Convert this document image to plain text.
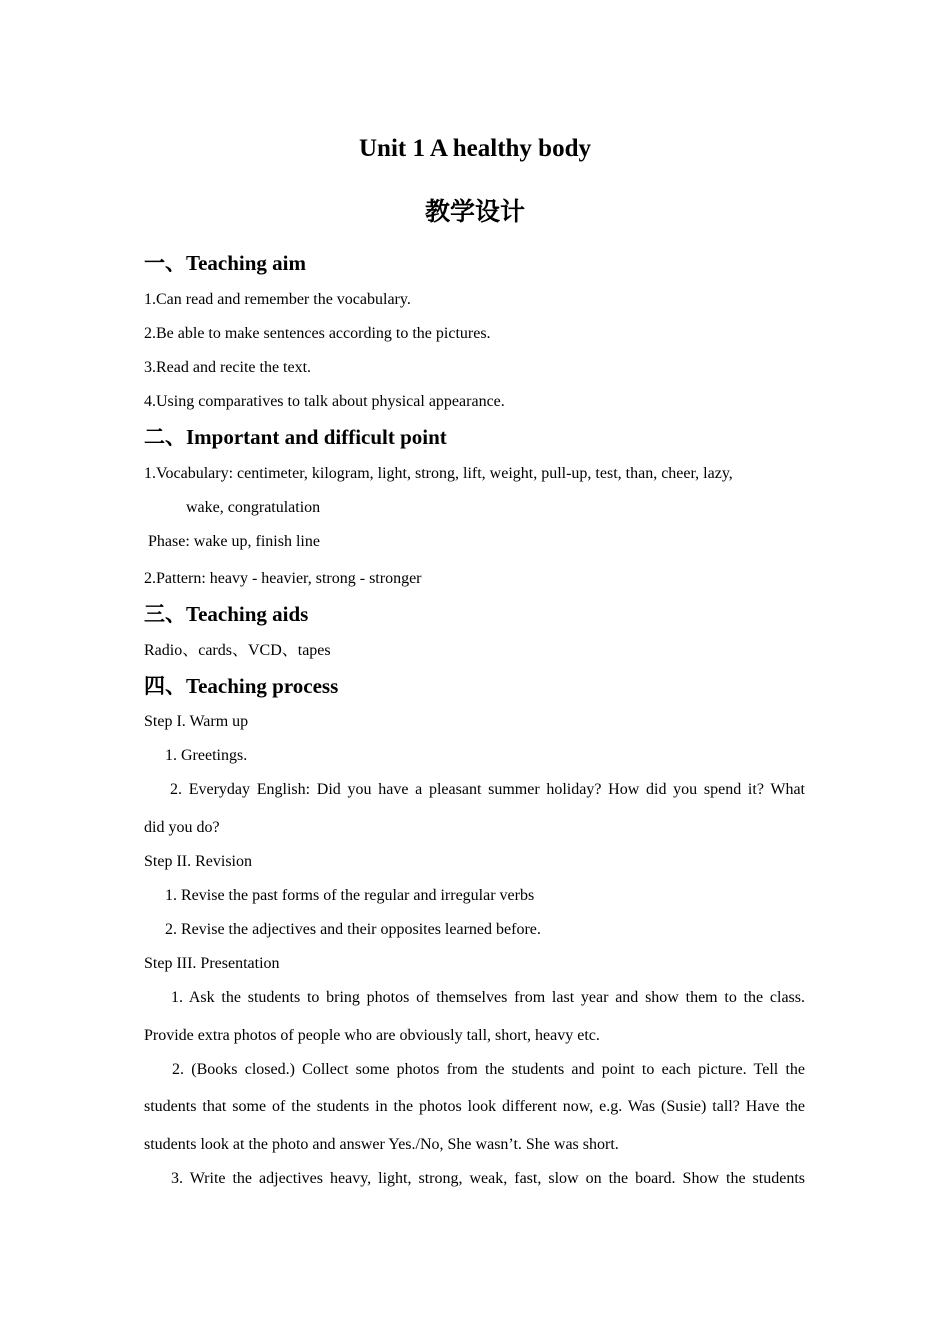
Unit 1 A healthy body
教学设计
一、Teaching aim

1.Can read and remember the vocabulary.

2.Be able to make sentences according to the pictures.

3.Read and recite the text.

4.Using comparatives to talk about physical appearance.

二、Important and difficult point

1.Vocabulary: centimeter, kilogram, light, strong, lift, weight, pull-up, test, than, cheer, lazy,

wake, congratulation

Phase: wake up, finish line

2.Pattern: heavy - heavier, strong - stronger

三、Teaching aids

Radio、cards、VCD、tapes

四、Teaching process

Step I. Warm up

1. Greetings.

2. Everyday English: Did you have a pleasant summer holiday? How did you spend it? What

did you do?

Step II. Revision

1. Revise the past forms of the regular and irregular verbs

2. Revise the adjectives and their opposites learned before.

Step III. Presentation

1. Ask the students to bring photos of themselves from last year and show them to the class.

Provide extra photos of people who are obviously tall, short, heavy etc.

2. (Books closed.) Collect some photos from the students and point to each picture. Tell the

students that some of the students in the photos look different now, e.g. Was (Susie) tall? Have the

students look at the photo and answer Yes./No, She wasn’t. She was short.

3. Write the adjectives heavy, light, strong, weak, fast, slow on the board. Show the students
